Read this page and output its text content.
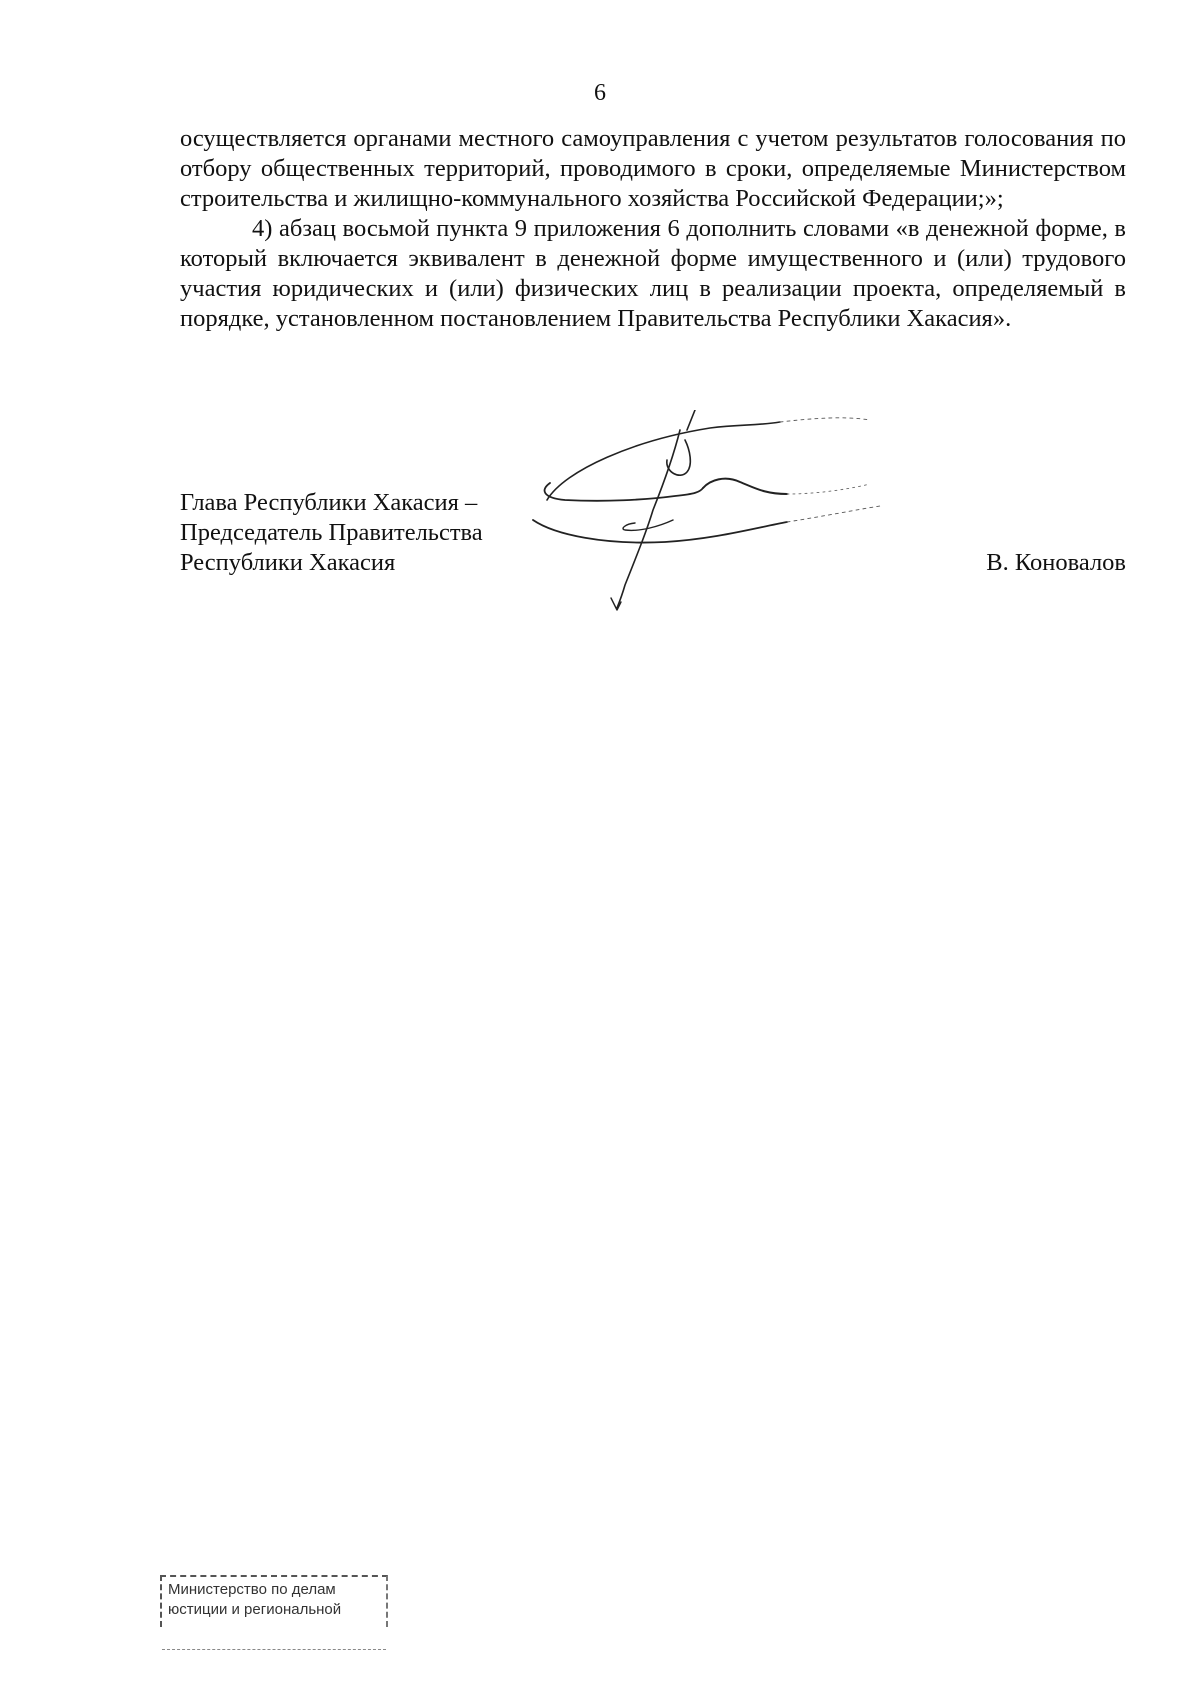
6

осуществляется органами местного самоуправления с учетом результатов голосования по отбору общественных территорий, проводимого в сроки, определяемые Министерством строительства и жилищно-коммунального хозяйства Российской Федерации;»;

4) абзац восьмой пункта 9 приложения 6 дополнить словами «в денежной форме, в который включается эквивалент в денежной форме имущественного и (или) трудового участия юридических и (или) физических лиц в реализации проекта, определяемый в порядке, установленном постановлением Правительства Республики Хакасия».

Глава Республики Хакасия –
Председатель Правительства
Республики Хакасия	В. Коновалов
Министерство по делам
юстиции и региональной
